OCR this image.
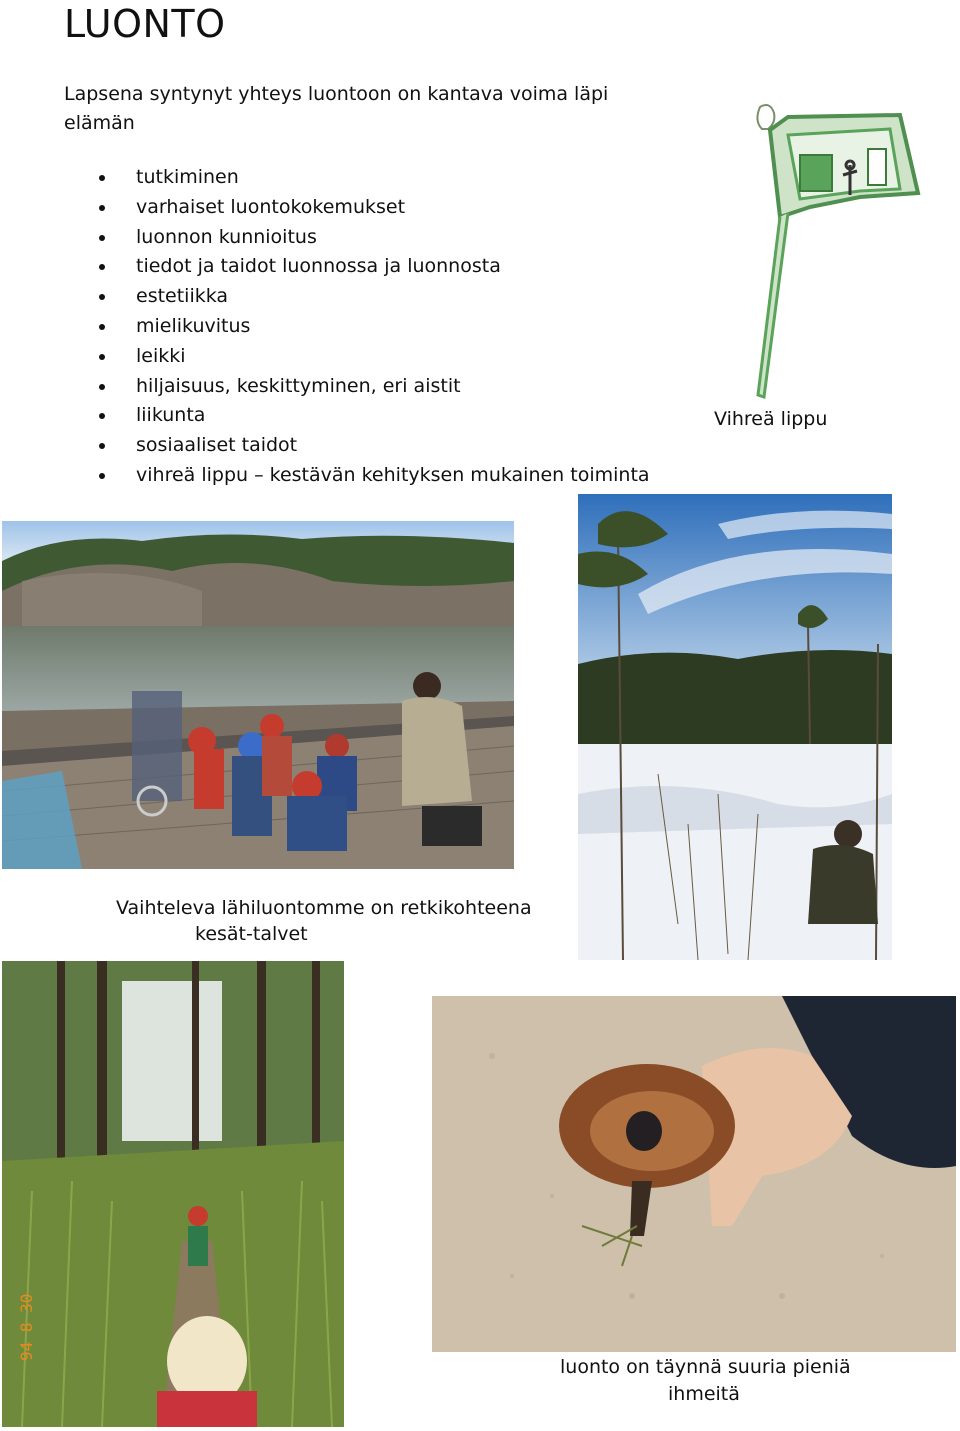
LUONTO
Lapsena syntynyt yhteys luontoon on kantava voima läpi elämän
tutkiminen
varhaiset luontokokemukset
luonnon kunnioitus
tiedot ja taidot luonnossa ja luonnosta
estetiikka
mielikuvitus
leikki
hiljaisuus, keskittyminen, eri aistit
liikunta
sosiaaliset taidot
vihreä lippu – kestävän kehityksen mukainen toiminta
Vihreä lippu
Vaihteleva lähiluontomme on retkikohteena
kesät-talvet
94 8 30
luonto on täynnä suuria pieniä
ihmeitä
